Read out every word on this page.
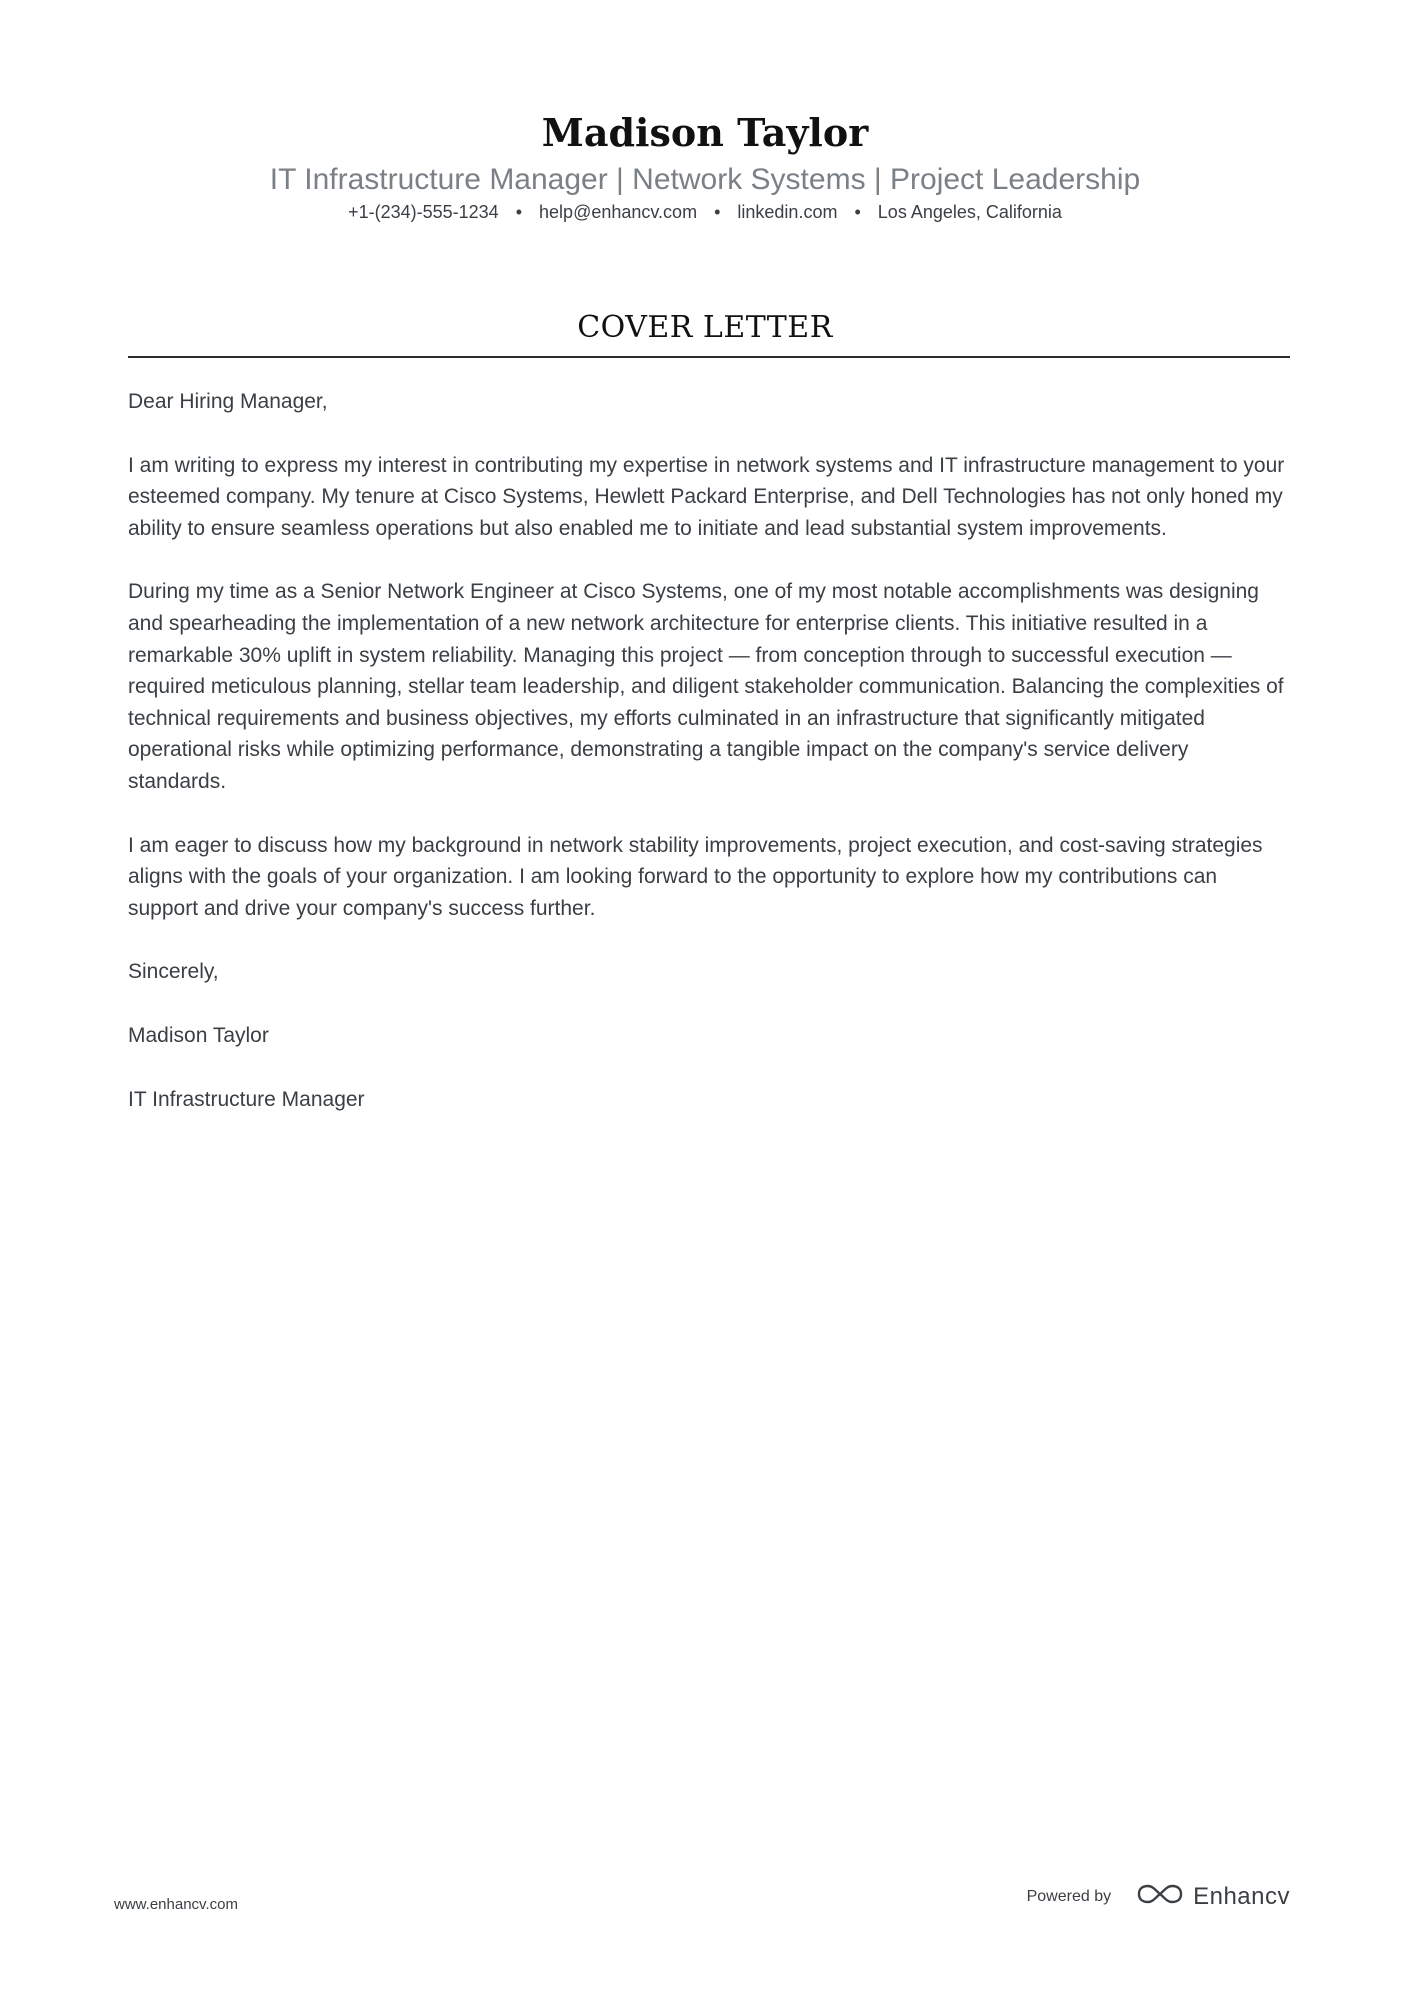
Madison Taylor
IT Infrastructure Manager | Network Systems | Project Leadership
+1-(234)-555-1234 • help@enhancv.com • linkedin.com • Los Angeles, California
COVER LETTER

Dear Hiring Manager,

I am writing to express my interest in contributing my expertise in network systems and IT infrastructure management to your esteemed company. My tenure at Cisco Systems, Hewlett Packard Enterprise, and Dell Technologies has not only honed my ability to ensure seamless operations but also enabled me to initiate and lead substantial system improvements.

During my time as a Senior Network Engineer at Cisco Systems, one of my most notable accomplishments was designing and spearheading the implementation of a new network architecture for enterprise clients. This initiative resulted in a remarkable 30% uplift in system reliability. Managing this project — from conception through to successful execution — required meticulous planning, stellar team leadership, and diligent stakeholder communication. Balancing the complexities of technical requirements and business objectives, my efforts culminated in an infrastructure that significantly mitigated operational risks while optimizing performance, demonstrating a tangible impact on the company's service delivery standards.

I am eager to discuss how my background in network stability improvements, project execution, and cost-saving strategies aligns with the goals of your organization. I am looking forward to the opportunity to explore how my contributions can support and drive your company's success further.

Sincerely,

Madison Taylor

IT Infrastructure Manager

www.enhancv.com	Powered by	Enhancv
